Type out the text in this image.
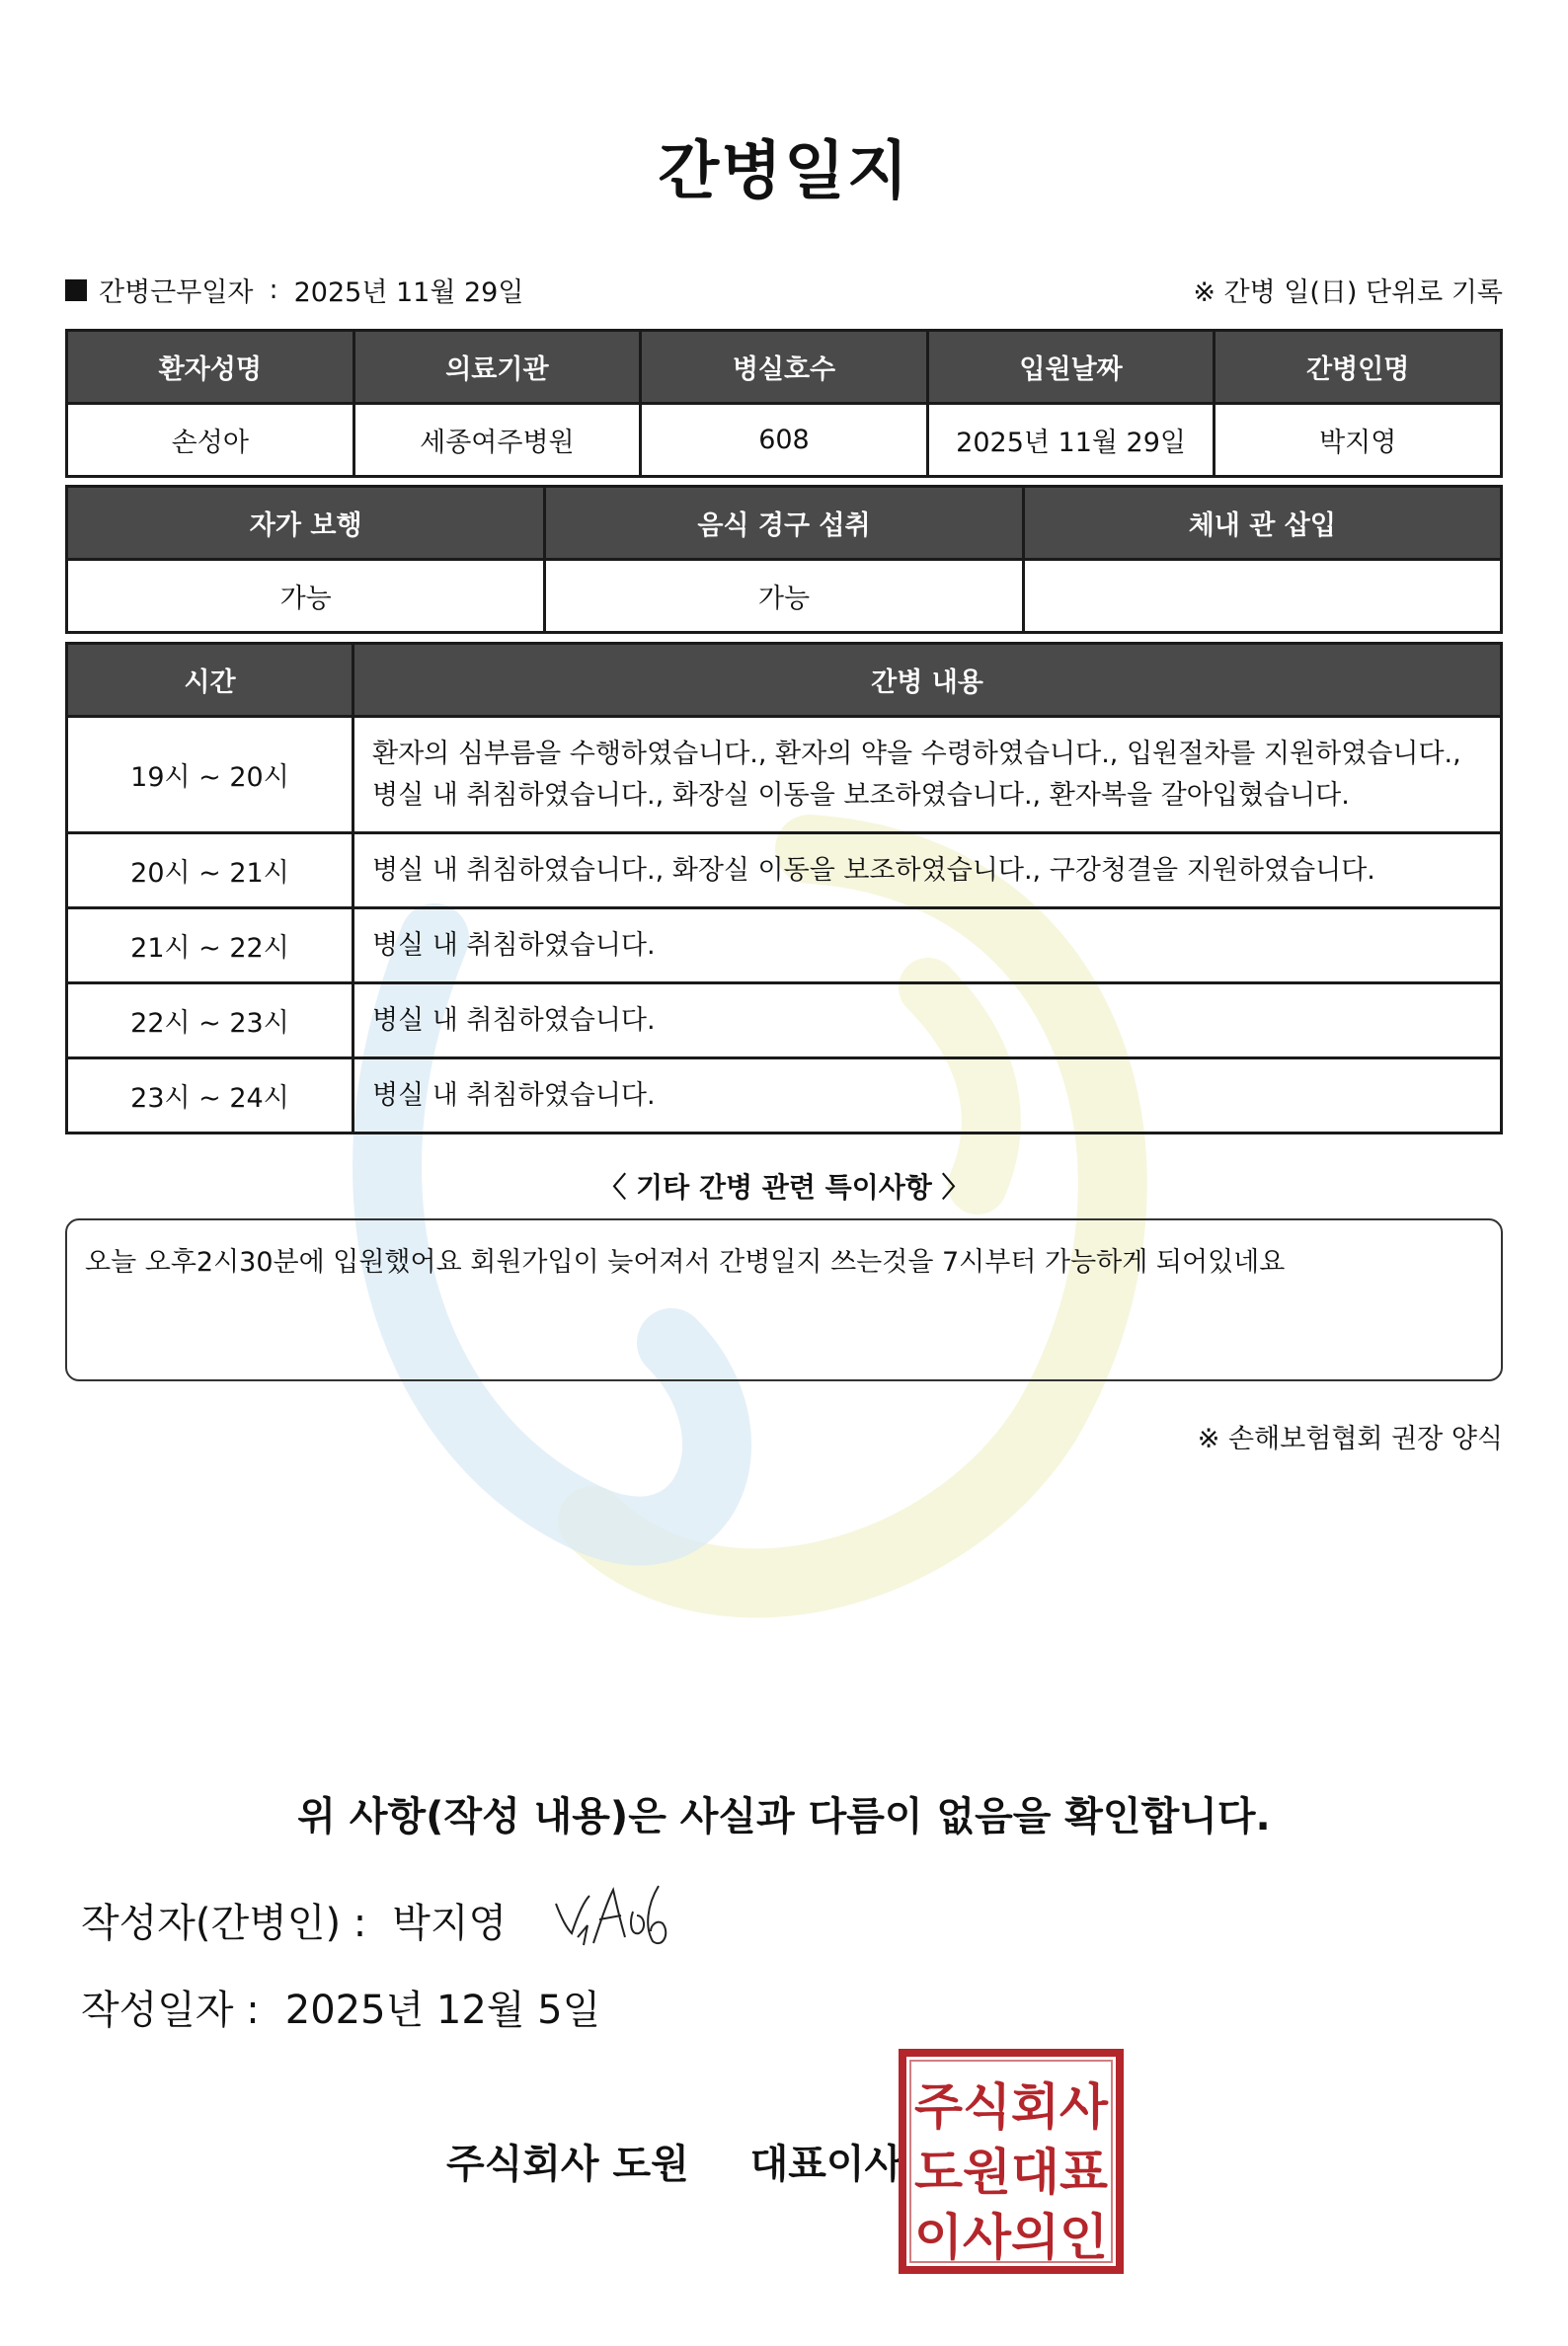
간병일지
간병근무일자 : 2025년 11월 29일	※ 간병 일(日) 단위로 기록
환자성명	의료기관	병실호수	입원날짜	간병인명
손성아	세종여주병원	608	2025년 11월 29일	박지영
자가 보행	음식 경구 섭취	체내 관 삽입
가능	가능	
시간	간병 내용
19시 ~ 20시	환자의 심부름을 수행하였습니다., 환자의 약을 수령하였습니다., 입원절차를 지원하였습니다.,
병실 내 취침하였습니다., 화장실 이동을 보조하였습니다., 환자복을 갈아입혔습니다.

20시 ~ 21시	병실 내 취침하였습니다., 화장실 이동을 보조하였습니다., 구강청결을 지원하였습니다.
21시 ~ 22시	병실 내 취침하였습니다.
22시 ~ 23시	병실 내 취침하였습니다.
23시 ~ 24시	병실 내 취침하였습니다.
〈 기타 간병 관련 특이사항 〉
오늘 오후2시30분에 입원했어요 회원가입이 늦어져서 간병일지 쓰는것을 7시부터 가능하게 되어있네요
※ 손해보험협회 권장 양식
위 사항(작성 내용)은 사실과 다름이 없음을 확인합니다.
작성자(간병인) : 박지영
작성일자 : 2025년 12월 5일
주식회사 도원 대표이사
주식회사
도원대표
이사의인
